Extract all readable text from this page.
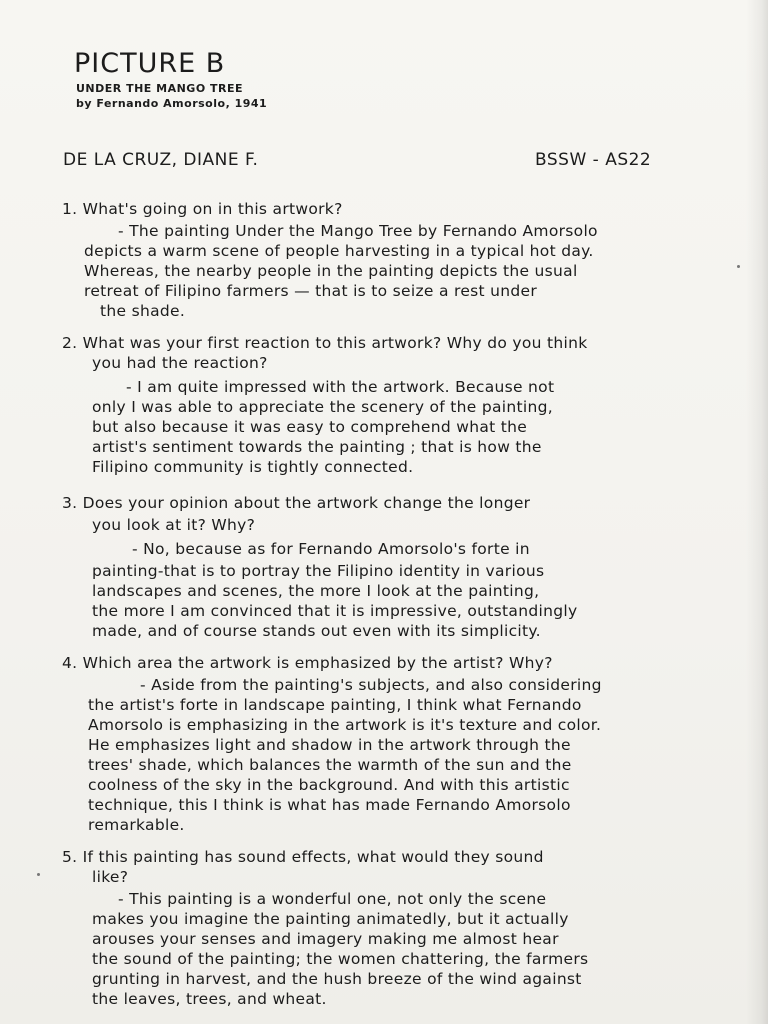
PICTURE B
UNDER THE MANGO TREE
by Fernando Amorsolo, 1941
DE LA CRUZ, DIANE F.	BSSW - AS22
1. What's going on in this artwork?
- The painting Under the Mango Tree by Fernando Amorsolo
depicts a warm scene of people harvesting in a typical hot day.
Whereas, the nearby people in the painting depicts the usual
retreat of Filipino farmers — that is to seize a rest under
the shade.
2. What was your first reaction to this artwork? Why do you think
you had the reaction?
- I am quite impressed with the artwork. Because not
only I was able to appreciate the scenery of the painting,
but also because it was easy to comprehend what the
artist's sentiment towards the painting ; that is how the
Filipino community is tightly connected.
3. Does your opinion about the artwork change the longer
you look at it? Why?
- No, because as for Fernando Amorsolo's forte in
painting-that is to portray the Filipino identity in various
landscapes and scenes, the more I look at the painting,
the more I am convinced that it is impressive, outstandingly
made, and of course stands out even with its simplicity.
4. Which area the artwork is emphasized by the artist? Why?
- Aside from the painting's subjects, and also considering
the artist's forte in landscape painting, I think what Fernando
Amorsolo is emphasizing in the artwork is it's texture and color.
He emphasizes light and shadow in the artwork through the
trees' shade, which balances the warmth of the sun and the
coolness of the sky in the background. And with this artistic
technique, this I think is what has made Fernando Amorsolo
remarkable.
5. If this painting has sound effects, what would they sound
like?
- This painting is a wonderful one, not only the scene
makes you imagine the painting animatedly, but it actually
arouses your senses and imagery making me almost hear
the sound of the painting; the women chattering, the farmers
grunting in harvest, and the hush breeze of the wind against
the leaves, trees, and wheat.
